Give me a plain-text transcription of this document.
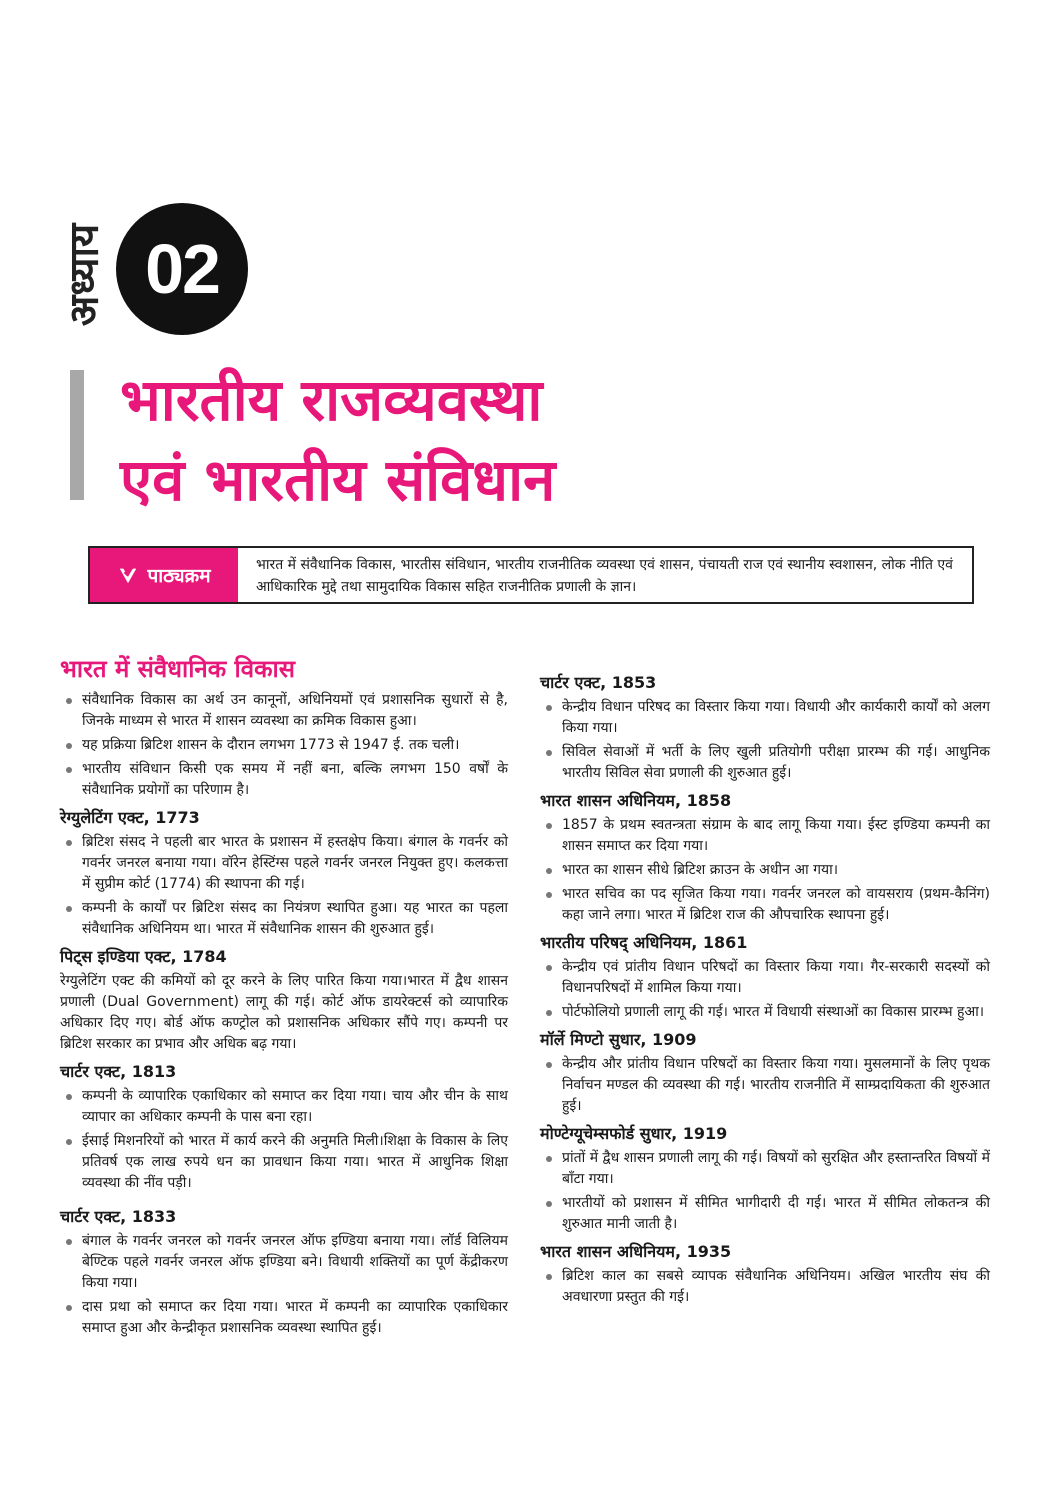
अध्याय 02
भारतीय राजव्यवस्था
एवं भारतीय संविधान
पाठ्यक्रम	भारत में संवैधानिक विकास, भारतीस संविधान, भारतीय राजनीतिक व्यवस्था एवं शासन, पंचायती राज एवं स्थानीय स्वशासन, लोक नीति एवं आधिकारिक मुद्दे तथा सामुदायिक विकास सहित राजनीतिक प्रणाली के ज्ञान।
भारत में संवैधानिक विकास
संवैधानिक विकास का अर्थ उन कानूनों, अधिनियमों एवं प्रशासनिक सुधारों से है, जिनके माध्यम से भारत में शासन व्यवस्था का क्रमिक विकास हुआ।
यह प्रक्रिया ब्रिटिश शासन के दौरान लगभग 1773 से 1947 ई. तक चली।
भारतीय संविधान किसी एक समय में नहीं बना, बल्कि लगभग 150 वर्षों के संवैधानिक प्रयोगों का परिणाम है।
रेग्युलेटिंग एक्ट, 1773
ब्रिटिश संसद ने पहली बार भारत के प्रशासन में हस्तक्षेप किया। बंगाल के गवर्नर को गवर्नर जनरल बनाया गया। वॉरेन हेस्टिंग्स पहले गवर्नर जनरल नियुक्त हुए। कलकत्ता में सुप्रीम कोर्ट (1774) की स्थापना की गई।
कम्पनी के कार्यों पर ब्रिटिश संसद का नियंत्रण स्थापित हुआ। यह भारत का पहला संवैधानिक अधिनियम था। भारत में संवैधानिक शासन की शुरुआत हुई।
पिट्स इण्डिया एक्ट, 1784

रेग्युलेटिंग एक्ट की कमियों को दूर करने के लिए पारित किया गया।भारत में द्वैध शासन प्रणाली (Dual Government) लागू की गई। कोर्ट ऑफ डायरेक्टर्स को व्यापारिक अधिकार दिए गए। बोर्ड ऑफ कण्ट्रोल को प्रशासनिक अधिकार सौंपे गए। कम्पनी पर ब्रिटिश सरकार का प्रभाव और अधिक बढ़ गया।

चार्टर एक्ट, 1813
कम्पनी के व्यापारिक एकाधिकार को समाप्त कर दिया गया। चाय और चीन के साथ व्यापार का अधिकार कम्पनी के पास बना रहा।
ईसाई मिशनरियों को भारत में कार्य करने की अनुमति मिली।शिक्षा के विकास के लिए प्रतिवर्ष एक लाख रुपये धन का प्रावधान किया गया। भारत में आधुनिक शिक्षा व्यवस्था की नींव पड़ी।
चार्टर एक्ट, 1833
बंगाल के गवर्नर जनरल को गवर्नर जनरल ऑफ इण्डिया बनाया गया। लॉर्ड विलियम बेण्टिक पहले गवर्नर जनरल ऑफ इण्डिया बने। विधायी शक्तियों का पूर्ण केंद्रीकरण किया गया।
दास प्रथा को समाप्त कर दिया गया। भारत में कम्पनी का व्यापारिक एकाधिकार समाप्त हुआ और केन्द्रीकृत प्रशासनिक व्यवस्था स्थापित हुई।
चार्टर एक्ट, 1853
केन्द्रीय विधान परिषद का विस्तार किया गया। विधायी और कार्यकारी कार्यों को अलग किया गया।
सिविल सेवाओं में भर्ती के लिए खुली प्रतियोगी परीक्षा प्रारम्भ की गई। आधुनिक भारतीय सिविल सेवा प्रणाली की शुरुआत हुई।
भारत शासन अधिनियम, 1858
1857 के प्रथम स्वतन्त्रता संग्राम के बाद लागू किया गया। ईस्ट इण्डिया कम्पनी का शासन समाप्त कर दिया गया।
भारत का शासन सीधे ब्रिटिश क्राउन के अधीन आ गया।
भारत सचिव का पद सृजित किया गया। गवर्नर जनरल को वायसराय (प्रथम-कैनिंग) कहा जाने लगा। भारत में ब्रिटिश राज की औपचारिक स्थापना हुई।
भारतीय परिषद् अधिनियम, 1861
केन्द्रीय एवं प्रांतीय विधान परिषदों का विस्तार किया गया। गैर-सरकारी सदस्यों को विधानपरिषदों में शामिल किया गया।
पोर्टफोलियो प्रणाली लागू की गई। भारत में विधायी संस्थाओं का विकास प्रारम्भ हुआ।
मॉर्ले मिण्टो सुधार, 1909
केन्द्रीय और प्रांतीय विधान परिषदों का विस्तार किया गया। मुसलमानों के लिए पृथक निर्वाचन मण्डल की व्यवस्था की गई। भारतीय राजनीति में साम्प्रदायिकता की शुरुआत हुई।
मोण्टेग्यूचेम्सफोर्ड सुधार, 1919
प्रांतों में द्वैध शासन प्रणाली लागू की गई। विषयों को सुरक्षित और हस्तान्तरित विषयों में बाँटा गया।
भारतीयों को प्रशासन में सीमित भागीदारी दी गई। भारत में सीमित लोकतन्त्र की शुरुआत मानी जाती है।
भारत शासन अधिनियम, 1935
ब्रिटिश काल का सबसे व्यापक संवैधानिक अधिनियम। अखिल भारतीय संघ की अवधारणा प्रस्तुत की गई।
